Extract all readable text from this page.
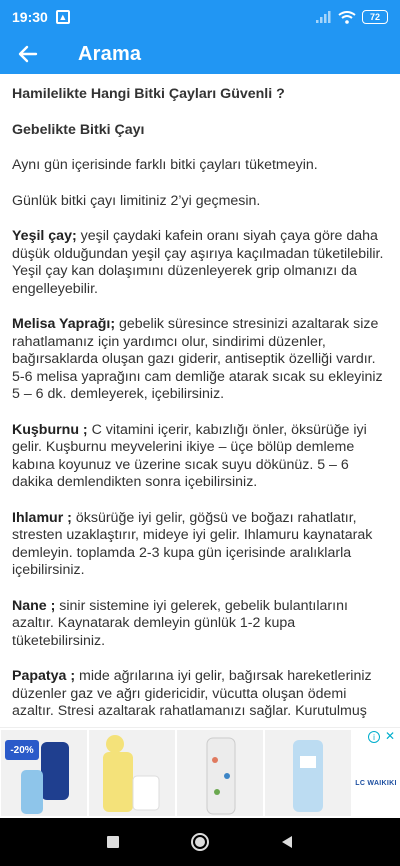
19:30 ▲	72
Arama

Hamilelikte Hangi Bitki Çayları Güvenli ?

Gebelikte Bitki Çayı

Aynı gün içerisinde farklı bitki çayları tüketmeyin.

Günlük bitki çayı limitiniz 2’yi geçmesin.

Yeşil çay; yeşil çaydaki kafein oranı siyah çaya göre daha düşük olduğundan yeşil çay aşırıya kaçılmadan tüketilebilir. Yeşil çay kan dolaşımını düzenleyerek grip olmanızı da engelleyebilir.

Melisa Yaprağı; gebelik süresince stresinizi azaltarak size rahatlamanız için yardımcı olur, sindirimi düzenler, bağırsaklarda oluşan gazı giderir, antiseptik özelliği vardır. 5-6 melisa yaprağını cam demliğe atarak sıcak su ekleyiniz 5 – 6 dk. demleyerek, içebilirsiniz.

Kuşburnu ; C vitamini içerir, kabızlığı önler, öksürüğe iyi gelir. Kuşburnu meyvelerini ikiye – üçe bölüp demleme kabına koyunuz ve üzerine sıcak suyu dökünüz. 5 – 6 dakika demlendikten sonra içebilirsiniz.

Ihlamur ; öksürüğe iyi gelir, göğsü ve boğazı rahatlatır, stresten uzaklaştırır, mideye iyi gelir. Ihlamuru kaynatarak demleyin. toplamda 2-3 kupa gün içerisinde aralıklarla içebilirsiniz.

Nane ; sinir sistemine iyi gelerek, gebelik bulantılarını azaltır. Kaynatarak demleyin günlük 1-2 kupa tüketebilirsiniz.

Papatya ; mide ağrılarına iyi gelir, bağırsak hareketleriniz düzenler gaz ve ağrı gidericidir, vücutta oluşan ödemi azaltır. Stresi azaltarak rahatlamanızı sağlar. Kurutulmuş

-20%
i ✕
LC WAIKIKI
